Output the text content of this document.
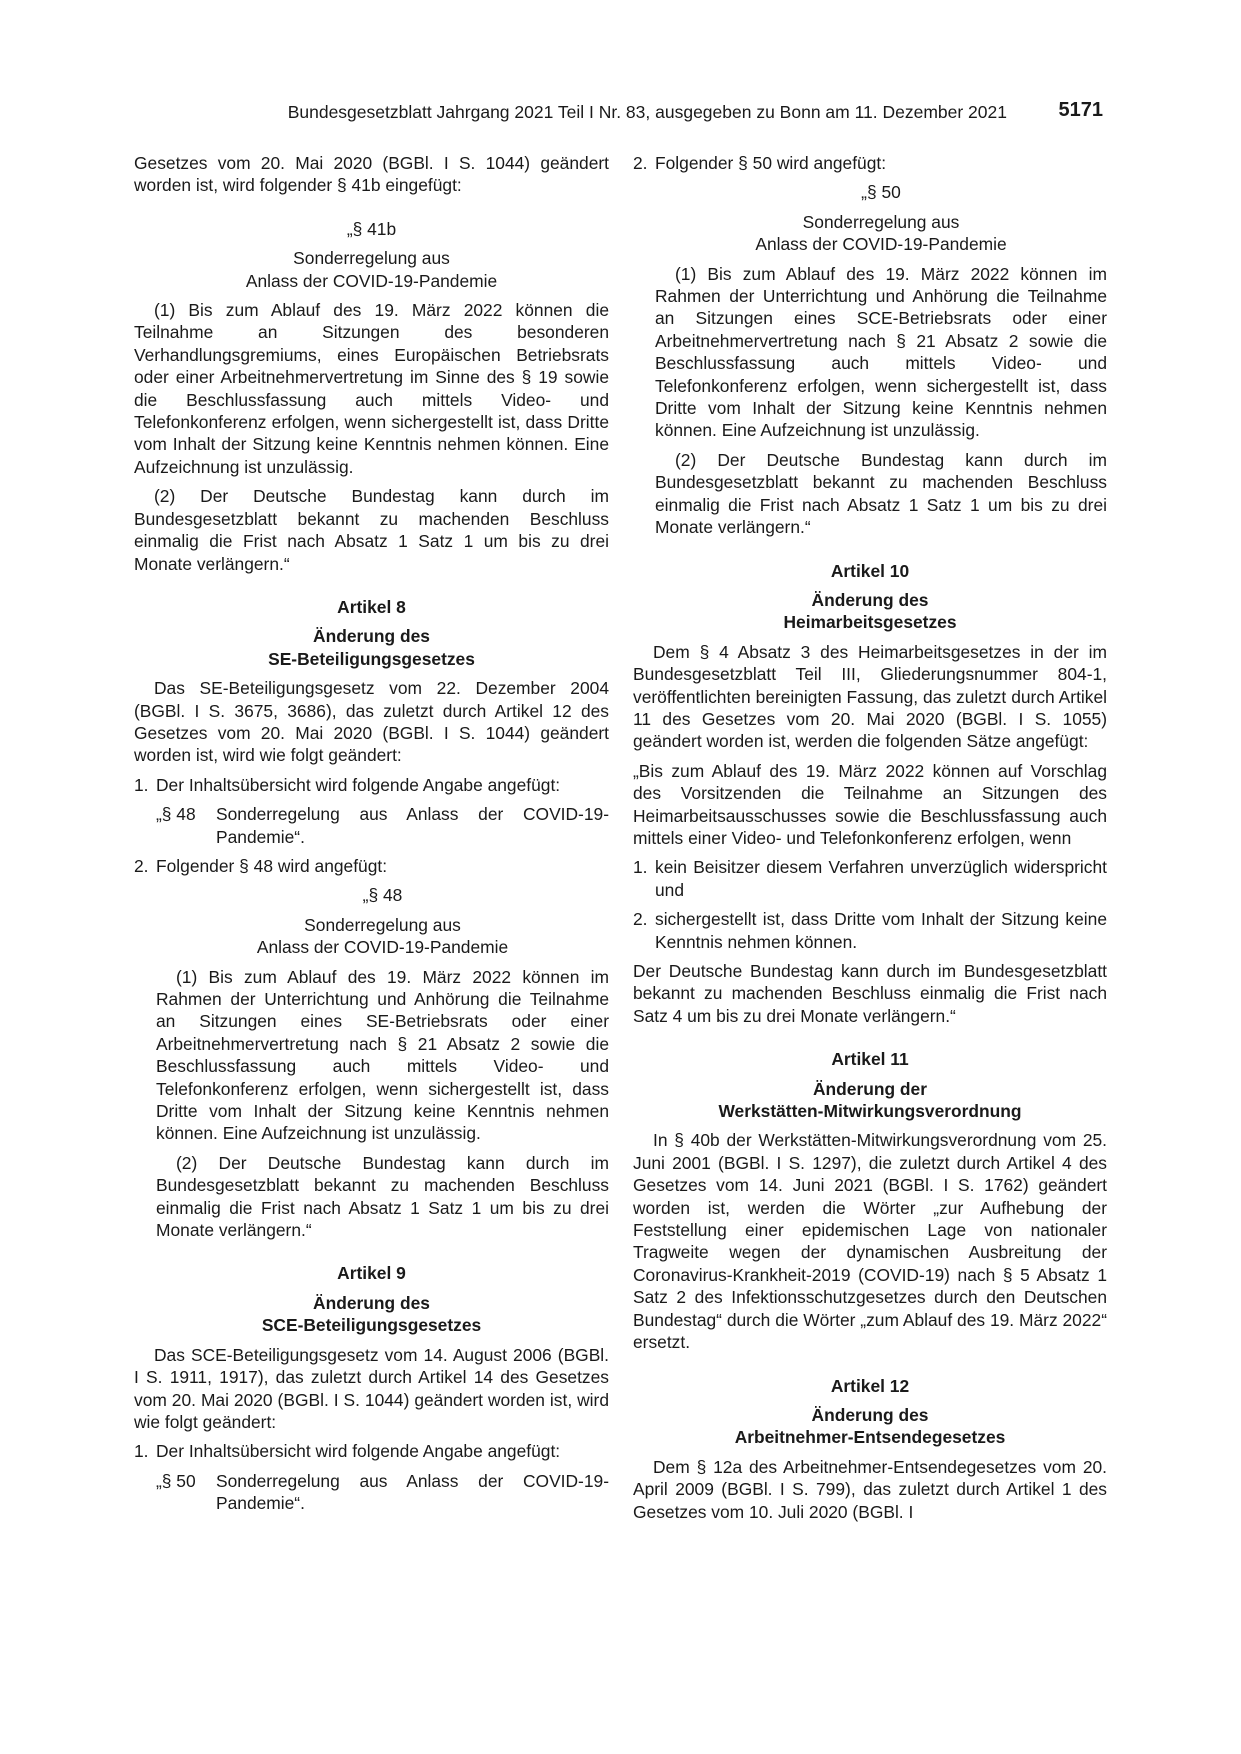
Bundesgesetzblatt Jahrgang 2021 Teil I Nr. 83, ausgegeben zu Bonn am 11. Dezember 2021	5171

Gesetzes vom 20. Mai 2020 (BGBl. I S. 1044) geändert worden ist, wird folgender § 41b eingefügt:

„§ 41b

Sonderregelung aus

Anlass der COVID-19-Pandemie

(1) Bis zum Ablauf des 19. März 2022 können die Teilnahme an Sitzungen des besonderen Verhandlungsgremiums, eines Europäischen Betriebsrats oder einer Arbeitnehmervertretung im Sinne des § 19 sowie die Beschlussfassung auch mittels Video- und Telefonkonferenz erfolgen, wenn sichergestellt ist, dass Dritte vom Inhalt der Sitzung keine Kenntnis nehmen können. Eine Aufzeichnung ist unzulässig.

(2) Der Deutsche Bundestag kann durch im Bundesgesetzblatt bekannt zu machenden Beschluss einmalig die Frist nach Absatz 1 Satz 1 um bis zu drei Monate verlängern.“

Artikel 8

Änderung des

SE-Beteiligungsgesetzes

Das SE-Beteiligungsgesetz vom 22. Dezember 2004 (BGBl. I S. 3675, 3686), das zuletzt durch Artikel 12 des Gesetzes vom 20. Mai 2020 (BGBl. I S. 1044) geändert worden ist, wird wie folgt geändert:

1. Der Inhaltsübersicht wird folgende Angabe angefügt:
„§ 48	Sonderregelung aus Anlass der COVID-19-Pandemie“.
2. Folgender § 48 wird angefügt:

„§ 48

Sonderregelung aus

Anlass der COVID-19-Pandemie

(1) Bis zum Ablauf des 19. März 2022 können im Rahmen der Unterrichtung und Anhörung die Teilnahme an Sitzungen eines SE-Betriebsrats oder einer Arbeitnehmervertretung nach § 21 Absatz 2 sowie die Beschlussfassung auch mittels Video- und Telefonkonferenz erfolgen, wenn sichergestellt ist, dass Dritte vom Inhalt der Sitzung keine Kenntnis nehmen können. Eine Aufzeichnung ist unzulässig.

(2) Der Deutsche Bundestag kann durch im Bundesgesetzblatt bekannt zu machenden Beschluss einmalig die Frist nach Absatz 1 Satz 1 um bis zu drei Monate verlängern.“

Artikel 9

Änderung des

SCE-Beteiligungsgesetzes

Das SCE-Beteiligungsgesetz vom 14. August 2006 (BGBl. I S. 1911, 1917), das zuletzt durch Artikel 14 des Gesetzes vom 20. Mai 2020 (BGBl. I S. 1044) geändert worden ist, wird wie folgt geändert:

1. Der Inhaltsübersicht wird folgende Angabe angefügt:
„§ 50	Sonderregelung aus Anlass der COVID-19-Pandemie“.
2. Folgender § 50 wird angefügt:

„§ 50

Sonderregelung aus

Anlass der COVID-19-Pandemie

(1) Bis zum Ablauf des 19. März 2022 können im Rahmen der Unterrichtung und Anhörung die Teilnahme an Sitzungen eines SCE-Betriebsrats oder einer Arbeitnehmervertretung nach § 21 Absatz 2 sowie die Beschlussfassung auch mittels Video- und Telefonkonferenz erfolgen, wenn sichergestellt ist, dass Dritte vom Inhalt der Sitzung keine Kenntnis nehmen können. Eine Aufzeichnung ist unzulässig.

(2) Der Deutsche Bundestag kann durch im Bundesgesetzblatt bekannt zu machenden Beschluss einmalig die Frist nach Absatz 1 Satz 1 um bis zu drei Monate verlängern.“

Artikel 10

Änderung des

Heimarbeitsgesetzes

Dem § 4 Absatz 3 des Heimarbeitsgesetzes in der im Bundesgesetzblatt Teil III, Gliederungsnummer 804-1, veröffentlichten bereinigten Fassung, das zuletzt durch Artikel 11 des Gesetzes vom 20. Mai 2020 (BGBl. I S. 1055) geändert worden ist, werden die folgenden Sätze angefügt:

„Bis zum Ablauf des 19. März 2022 können auf Vorschlag des Vorsitzenden die Teilnahme an Sitzungen des Heimarbeitsausschusses sowie die Beschlussfassung auch mittels einer Video- und Telefonkonferenz erfolgen, wenn

1. kein Beisitzer diesem Verfahren unverzüglich widerspricht und
2. sichergestellt ist, dass Dritte vom Inhalt der Sitzung keine Kenntnis nehmen können.

Der Deutsche Bundestag kann durch im Bundesgesetzblatt bekannt zu machenden Beschluss einmalig die Frist nach Satz 4 um bis zu drei Monate verlängern.“

Artikel 11

Änderung der

Werkstätten-Mitwirkungsverordnung

In § 40b der Werkstätten-Mitwirkungsverordnung vom 25. Juni 2001 (BGBl. I S. 1297), die zuletzt durch Artikel 4 des Gesetzes vom 14. Juni 2021 (BGBl. I S. 1762) geändert worden ist, werden die Wörter „zur Aufhebung der Feststellung einer epidemischen Lage von nationaler Tragweite wegen der dynamischen Ausbreitung der Coronavirus-Krankheit-2019 (COVID-19) nach § 5 Absatz 1 Satz 2 des Infektionsschutzgesetzes durch den Deutschen Bundestag“ durch die Wörter „zum Ablauf des 19. März 2022“ ersetzt.

Artikel 12

Änderung des

Arbeitnehmer-Entsendegesetzes

Dem § 12a des Arbeitnehmer-Entsendegesetzes vom 20. April 2009 (BGBl. I S. 799), das zuletzt durch Artikel 1 des Gesetzes vom 10. Juli 2020 (BGBl. I
